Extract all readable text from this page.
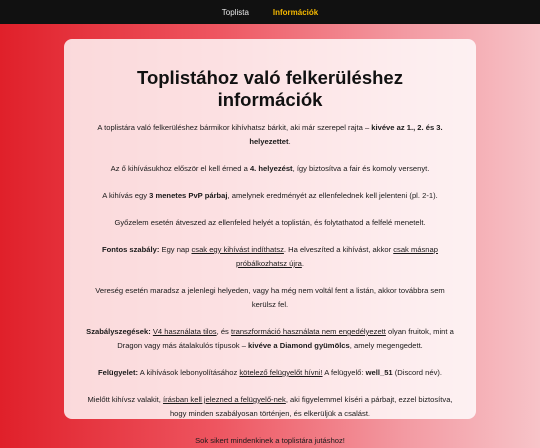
Toplista	Információk
Toplistához való felkerüléshez információk

A toplistára való felkerüléshez bármikor kihívhatsz bárkit, aki már szerepel rajta – kivéve az 1., 2. és 3. helyezettet.

Az ő kihívásukhoz először el kell érned a 4. helyezést, így biztosítva a fair és komoly versenyt.

A kihívás egy 3 menetes PvP párbaj, amelynek eredményét az ellenfelednek kell jelenteni (pl. 2-1).

Győzelem esetén átveszed az ellenfeled helyét a toplistán, és folytathatod a felfelé menetelt.

Fontos szabály: Egy nap csak egy kihívást indíthatsz. Ha elveszíted a kihívást, akkor csak másnap próbálkozhatsz újra.

Vereség esetén maradsz a jelenlegi helyeden, vagy ha még nem voltál fent a listán, akkor továbbra sem kerülsz fel.

Szabályszegések: V4 használata tilos, és transzformáció használata nem engedélyezett olyan fruitok, mint a Dragon vagy más átalakulós típusok – kivéve a Diamond gyümölcs, amely megengedett.

Felügyelet: A kihívások lebonyolításához kötelező felügyelőt hívni! A felügyelő: well_51 (Discord név).

Mielőtt kihívsz valakit, írásban kell jelezned a felügyelő-nek, aki figyelemmel kíséri a párbajt, ezzel biztosítva, hogy minden szabályosan történjen, és elkerüljük a csalást.

Sok sikert mindenkinek a toplistára jutáshoz!
